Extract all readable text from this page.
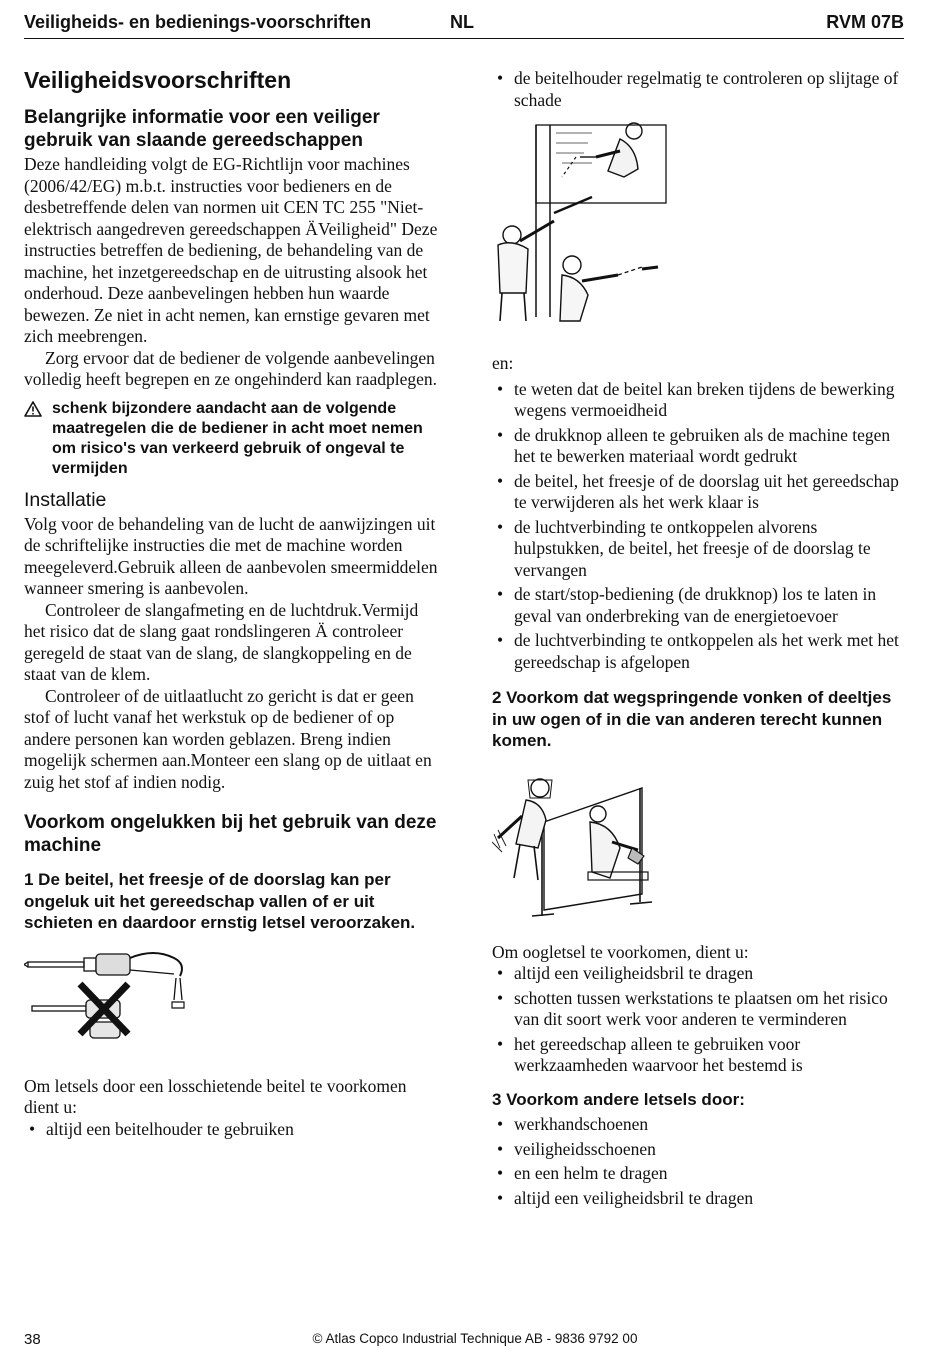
Veiligheids- en bedienings-voorschriften	NL	RVM 07B
Veiligheidsvoorschriften
Belangrijke informatie voor een veiliger gebruik van slaande gereedschappen

Deze handleiding volgt de EG-Richtlijn voor machines (2006/42/EG) m.b.t. instructies voor bedieners en de desbetreffende delen van normen uit CEN TC 255 "Niet-elektrisch aangedreven gereedschappen ÄVeiligheid" Deze instructies betreffen de bediening, de behandeling van de machine, het inzetgereedschap en de uitrusting alsook het onderhoud. Deze aanbevelingen hebben hun waarde bewezen. Ze niet in acht nemen, kan ernstige gevaren met zich meebrengen.

Zorg ervoor dat de bediener de volgende aanbevelingen volledig heeft begrepen en ze ongehinderd kan raadplegen.

schenk bijzondere aandacht aan de volgende maatregelen die de bediener in acht moet nemen om risico's van verkeerd gebruik of ongeval te vermijden
Installatie

Volg voor de behandeling van de lucht de aanwijzingen uit de schriftelijke instructies die met de machine worden meegeleverd.Gebruik alleen de aanbevolen smeermiddelen wanneer smering is aanbevolen.

Controleer de slangafmeting en de luchtdruk.Vermijd het risico dat de slang gaat rondslingeren Ä controleer geregeld de staat van de slang, de slangkoppeling en de staat van de klem.

Controleer of de uitlaatlucht zo gericht is dat er geen stof of lucht vanaf het werkstuk op de bediener of op andere personen kan worden geblazen. Breng indien mogelijk schermen aan.Monteer een slang op de uitlaat en zuig het stof af indien nodig.

Voorkom ongelukken bij het gebruik van deze machine
1 De beitel, het freesje of de doorslag kan per ongeluk uit het gereedschap vallen of er uit schieten en daardoor ernstig letsel veroorzaken.

Om letsels door een losschietende beitel te voorkomen dient u:

• altijd een beitelhouder te gebruiken
• de beitelhouder regelmatig te controleren op slijtage of schade

en:

• te weten dat de beitel kan breken tijdens de bewerking wegens vermoeidheid
• de drukknop alleen te gebruiken als de machine tegen het te bewerken materiaal wordt gedrukt
• de beitel, het freesje of de doorslag uit het gereedschap te verwijderen als het werk klaar is
• de luchtverbinding te ontkoppelen alvorens hulpstukken, de beitel, het freesje of de doorslag te vervangen
• de start/stop-bediening (de drukknop) los te laten in geval van onderbreking van de energietoevoer
• de luchtverbinding te ontkoppelen als het werk met het gereedschap is afgelopen
2 Voorkom dat wegspringende vonken of deeltjes in uw ogen of in die van anderen terecht kunnen komen.

Om oogletsel te voorkomen, dient u:

• altijd een veiligheidsbril te dragen
• schotten tussen werkstations te plaatsen om het risico van dit soort werk voor anderen te verminderen
• het gereedschap alleen te gebruiken voor werkzaamheden waarvoor het bestemd is
3 Voorkom andere letsels door:
• werkhandschoenen
• veiligheidsschoenen
• en een helm te dragen
• altijd een veiligheidsbril te dragen
38	© Atlas Copco Industrial Technique AB - 9836 9792 00
